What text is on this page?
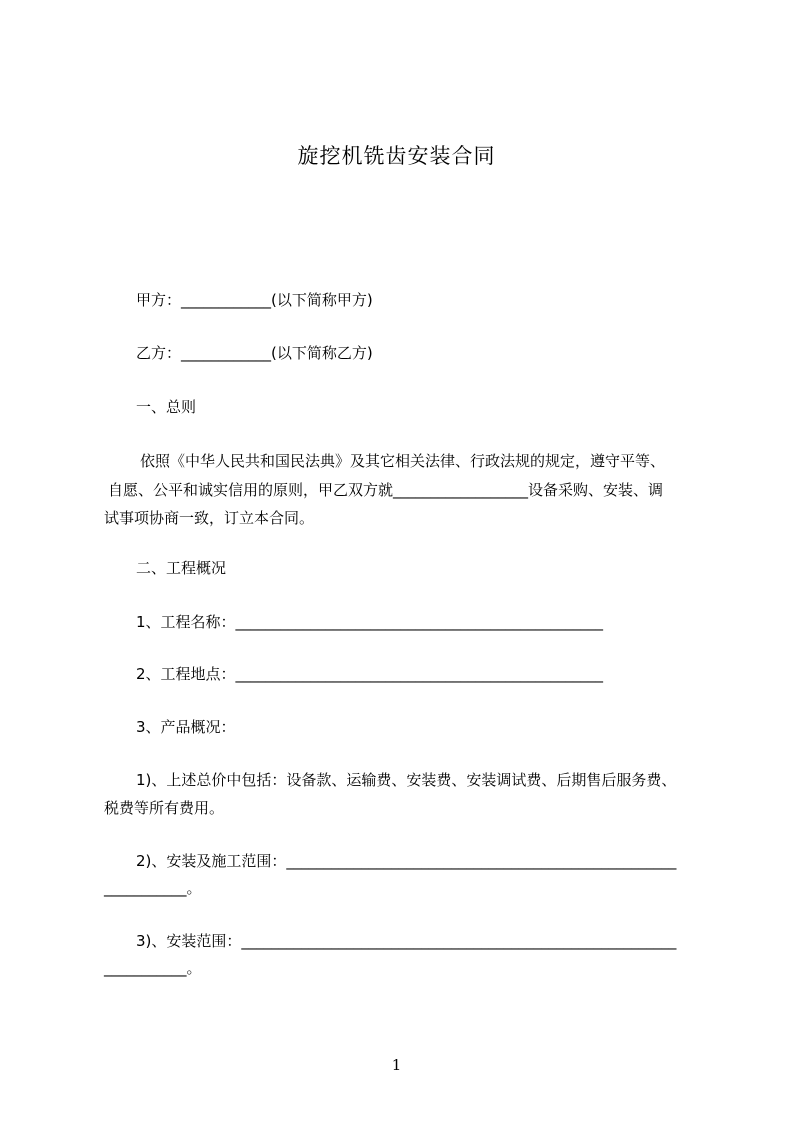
旋挖机铣齿安装合同
甲方：____________(以下简称甲方)
乙方：____________(以下简称乙方)
一、总则
依照《中华人民共和国民法典》及其它相关法律、行政法规的规定，遵守平等、
自愿、公平和诚实信用的原则，甲乙双方就__________________设备采购、安装、调
试事项协商一致，订立本合同。
二、工程概况
1、工程名称：_________________________________________________
2、工程地点：_________________________________________________
3、产品概况：
1)、上述总价中包括：设备款、运输费、安装费、安装调试费、后期售后服务费、
税费等所有费用。
2)、安装及施工范围：____________________________________________________
___________。
3)、安装范围：__________________________________________________________
___________。
1
